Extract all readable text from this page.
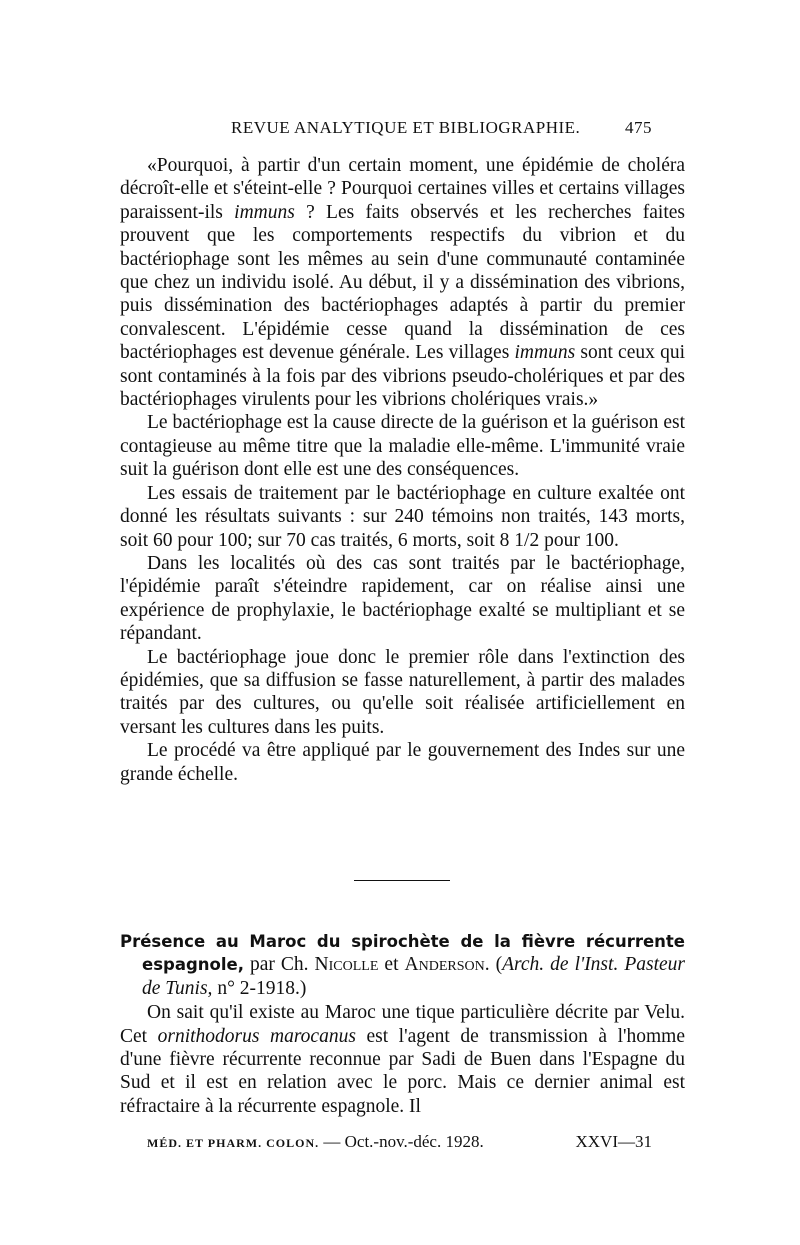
REVUE ANALYTIQUE ET BIBLIOGRAPHIE.	475

«Pourquoi, à partir d'un certain moment, une épidémie de choléra décroît-elle et s'éteint-elle ? Pourquoi certaines villes et certains villages paraissent-ils immuns ? Les faits observés et les recherches faites prouvent que les comportements respectifs du vibrion et du bactériophage sont les mêmes au sein d'une communauté contaminée que chez un individu isolé. Au début, il y a dissémination des vibrions, puis dissémination des bactériophages adaptés à partir du premier convalescent. L'épidémie cesse quand la dissémination de ces bactériophages est devenue générale. Les villages immuns sont ceux qui sont contaminés à la fois par des vibrions pseudo-cholériques et par des bactériophages virulents pour les vibrions cholériques vrais.»

Le bactériophage est la cause directe de la guérison et la guérison est contagieuse au même titre que la maladie elle-même. L'immunité vraie suit la guérison dont elle est une des conséquences.

Les essais de traitement par le bactériophage en culture exaltée ont donné les résultats suivants : sur 240 témoins non traités, 143 morts, soit 60 pour 100; sur 70 cas traités, 6 morts, soit 8 1/2 pour 100.

Dans les localités où des cas sont traités par le bactériophage, l'épidémie paraît s'éteindre rapidement, car on réalise ainsi une expérience de prophylaxie, le bactériophage exalté se multipliant et se répandant.

Le bactériophage joue donc le premier rôle dans l'extinction des épidémies, que sa diffusion se fasse naturellement, à partir des malades traités par des cultures, ou qu'elle soit réalisée artificiellement en versant les cultures dans les puits.

Le procédé va être appliqué par le gouvernement des Indes sur une grande échelle.

Présence au Maroc du spirochète de la fièvre récurrente espagnole, par Ch. Nicolle et Anderson. (Arch. de l'Inst. Pasteur de Tunis, n° 2-1918.)

On sait qu'il existe au Maroc une tique particulière décrite par Velu. Cet ornithodorus marocanus est l'agent de transmission à l'homme d'une fièvre récurrente reconnue par Sadi de Buen dans l'Espagne du Sud et il est en relation avec le porc. Mais ce dernier animal est réfractaire à la récurrente espagnole. Il

MÉD. ET PHARM. COLON. — Oct.-nov.-déc. 1928.	XXVI—31
